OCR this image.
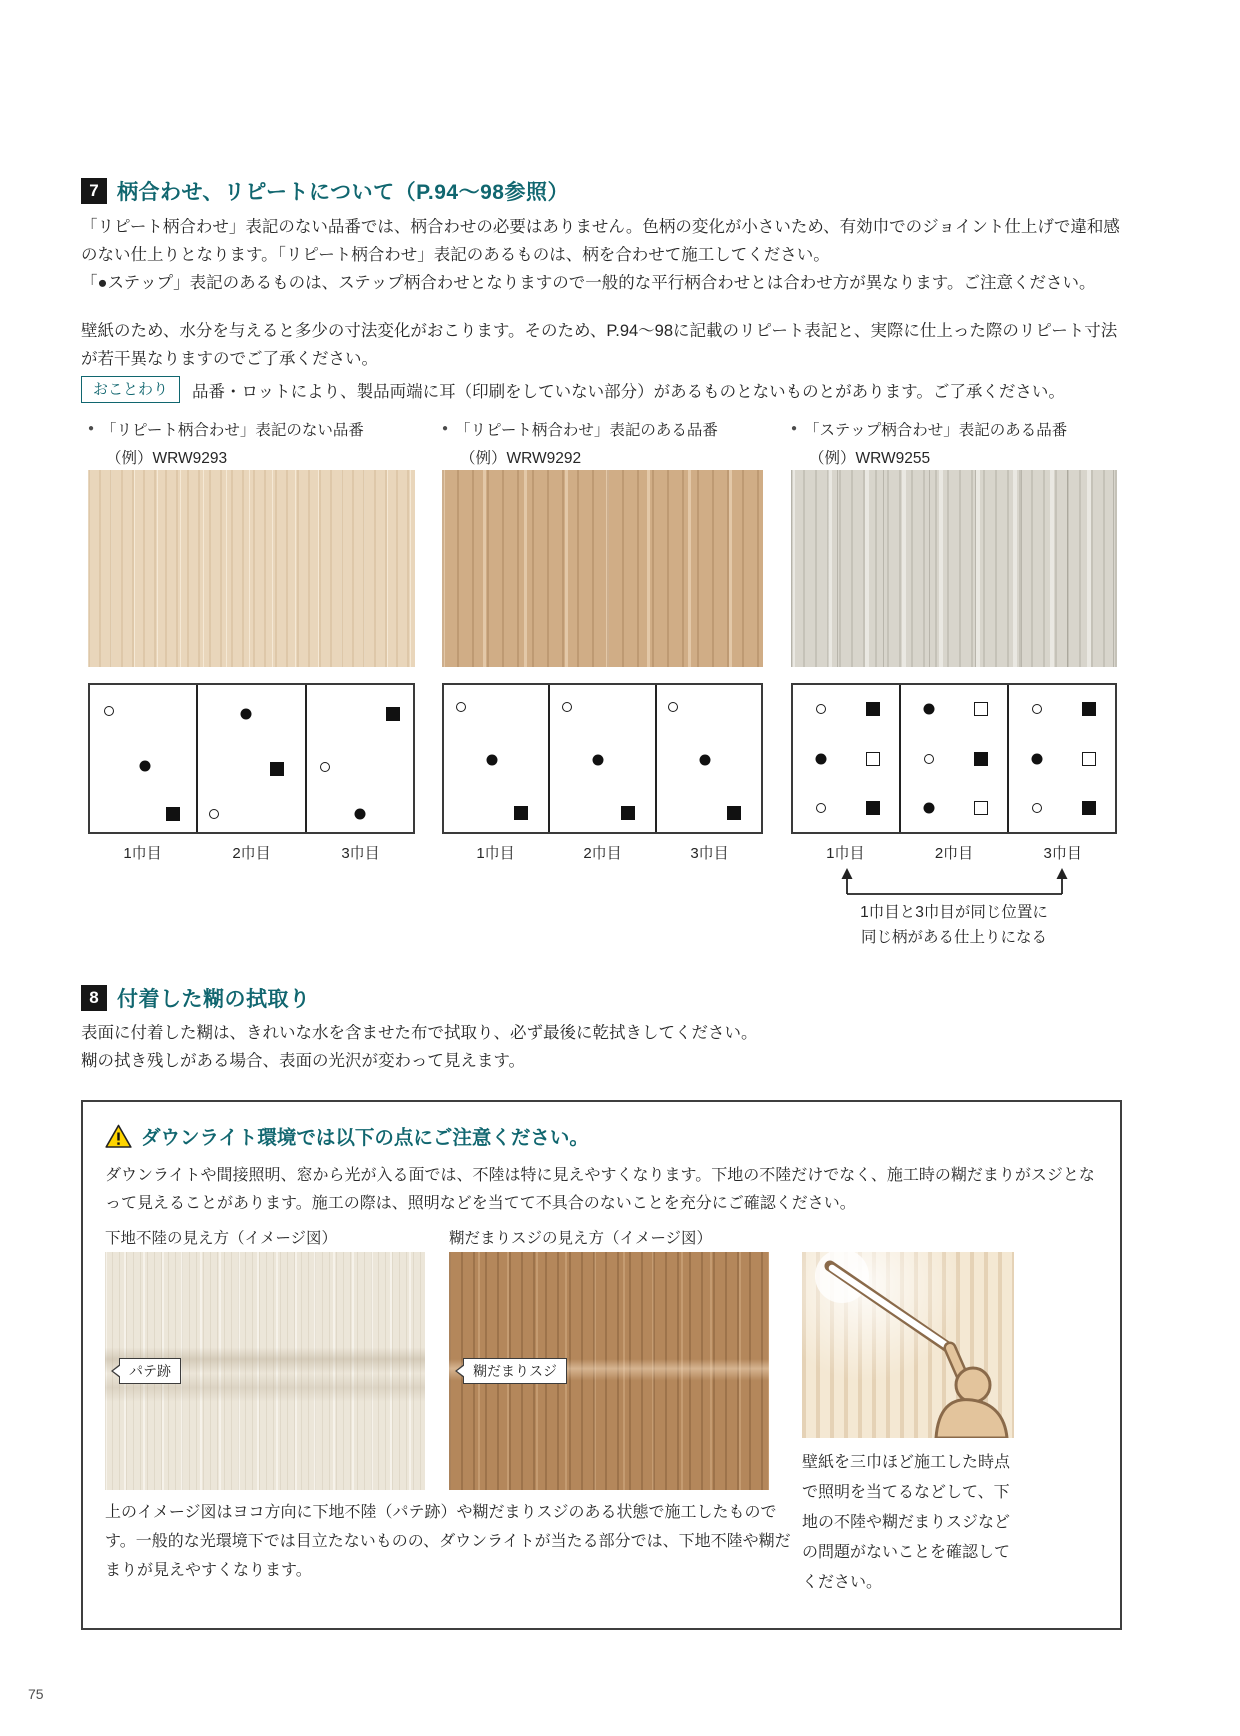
7 柄合わせ、リピートについて（P.94〜98参照）

「リピート柄合わせ」表記のない品番では、柄合わせの必要はありません。色柄の変化が小さいため、有効巾でのジョイント仕上げで違和感のない仕上りとなります。「リピート柄合わせ」表記のあるものは、柄を合わせて施工してください。

「●ステップ」表記のあるものは、ステップ柄合わせとなりますので一般的な平行柄合わせとは合わせ方が異なります。ご注意ください。

壁紙のため、水分を与えると多少の寸法変化がおこります。そのため、P.94〜98に記載のリピート表記と、実際に仕上った際のリピート寸法が若干異なりますのでご了承ください。

おことわり	品番・ロットにより、製品両端に耳（印刷をしていない部分）があるものとないものとがあります。ご了承ください。
● 「リピート柄合わせ」表記のない品番
（例）WRW9293
1巾目	2巾目	3巾目
● 「リピート柄合わせ」表記のある品番
（例）WRW9292
1巾目	2巾目	3巾目
● 「ステップ柄合わせ」表記のある品番
（例）WRW9255
1巾目	2巾目	3巾目
1巾目と3巾目が同じ位置に
同じ柄がある仕上りになる
8 付着した糊の拭取り

表面に付着した糊は、きれいな水を含ませた布で拭取り、必ず最後に乾拭きしてください。

糊の拭き残しがある場合、表面の光沢が変わって見えます。

ダウンライト環境では以下の点にご注意ください。
ダウンライトや間接照明、窓から光が入る面では、不陸は特に見えやすくなります。下地の不陸だけでなく、施工時の糊だまりがスジとなって見えることがあります。施工の際は、照明などを当てて不具合のないことを充分にご確認ください。
下地不陸の見え方（イメージ図）	糊だまりスジの見え方（イメージ図）
パテ跡	糊だまりスジ
上のイメージ図はヨコ方向に下地不陸（パテ跡）や糊だまりスジのある状態で施工したものです。一般的な光環境下では目立たないものの、ダウンライトが当たる部分では、下地不陸や糊だまりが見えやすくなります。
壁紙を三巾ほど施工した時点で照明を当てるなどして、下地の不陸や糊だまりスジなどの問題がないことを確認してください。
75
